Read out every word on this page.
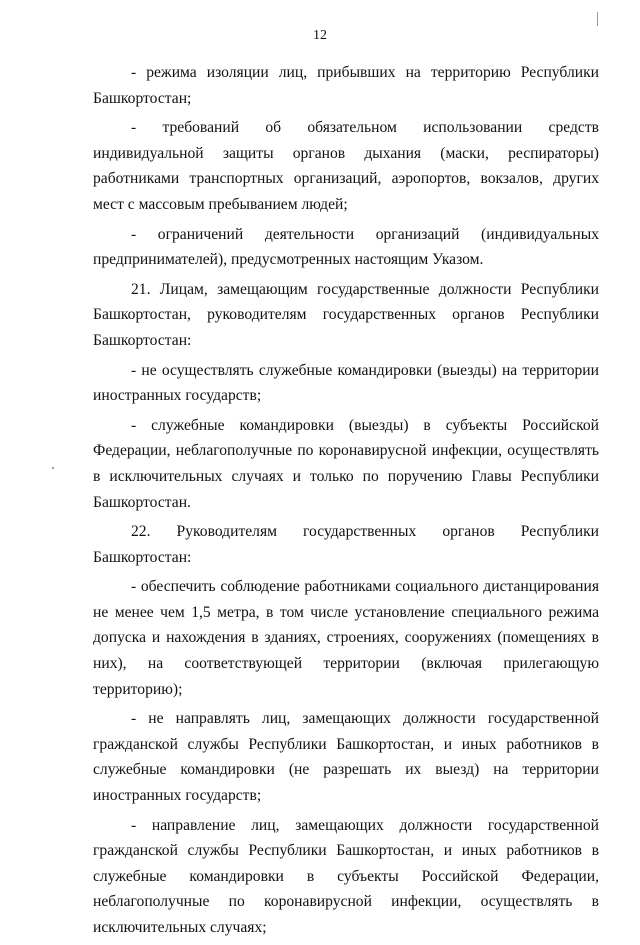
12

- режима изоляции лиц, прибывших на территорию Республики Башкортостан;

- требований об обязательном использовании средств индивидуальной защиты органов дыхания (маски, респираторы) работниками транспортных организаций, аэропортов, вокзалов, других мест с массовым пребыванием людей;

- ограничений деятельности организаций (индивидуальных предпринимателей), предусмотренных настоящим Указом.

21. Лицам, замещающим государственные должности Республики Башкортостан, руководителям государственных органов Республики Башкортостан:

- не осуществлять служебные командировки (выезды) на территории иностранных государств;

- служебные командировки (выезды) в субъекты Российской Федерации, неблагополучные по коронавирусной инфекции, осуществлять в исключительных случаях и только по поручению Главы Республики Башкортостан.

22. Руководителям государственных органов Республики Башкортостан:

- обеспечить соблюдение работниками социального дистанцирования не менее чем 1,5 метра, в том числе установление специального режима допуска и нахождения в зданиях, строениях, сооружениях (помещениях в них), на соответствующей территории (включая прилегающую территорию);

- не направлять лиц, замещающих должности государственной гражданской службы Республики Башкортостан, и иных работников в служебные командировки (не разрешать их выезд) на территории иностранных государств;

- направление лиц, замещающих должности государственной гражданской службы Республики Башкортостан, и иных работников в служебные командировки в субъекты Российской Федерации, неблагополучные по коронавирусной инфекции, осуществлять в исключительных случаях;
